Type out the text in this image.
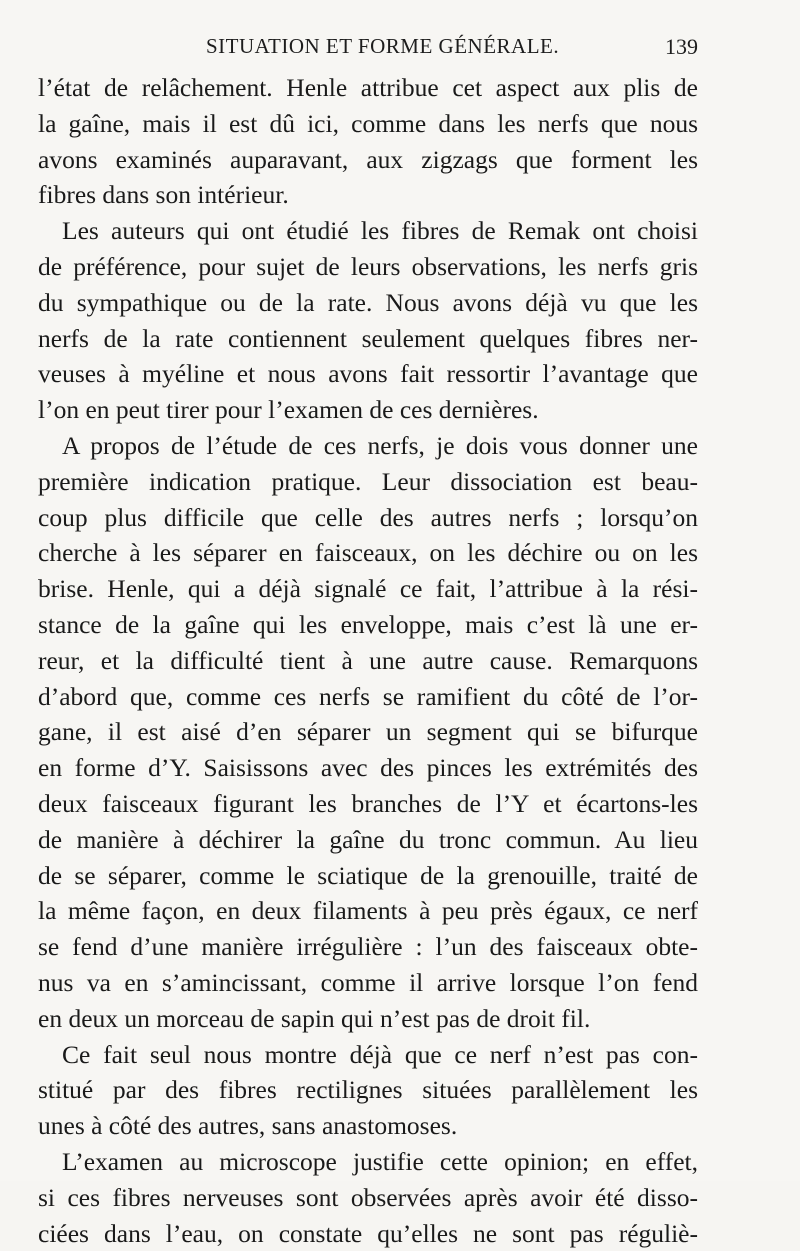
SITUATION ET FORME GÉNÉRALE.	139
l’état de relâchement. Henle attribue cet aspect aux plis de
la gaîne, mais il est dû ici, comme dans les nerfs que nous
avons examinés auparavant, aux zigzags que forment les
fibres dans son intérieur.
Les auteurs qui ont étudié les fibres de Remak ont choisi
de préférence, pour sujet de leurs observations, les nerfs gris
du sympathique ou de la rate. Nous avons déjà vu que les
nerfs de la rate contiennent seulement quelques fibres ner-
veuses à myéline et nous avons fait ressortir l’avantage que
l’on en peut tirer pour l’examen de ces dernières.
A propos de l’étude de ces nerfs, je dois vous donner une
première indication pratique. Leur dissociation est beau-
coup plus difficile que celle des autres nerfs ; lorsqu’on
cherche à les séparer en faisceaux, on les déchire ou on les
brise. Henle, qui a déjà signalé ce fait, l’attribue à la rési-
stance de la gaîne qui les enveloppe, mais c’est là une er-
reur, et la difficulté tient à une autre cause. Remarquons
d’abord que, comme ces nerfs se ramifient du côté de l’or-
gane, il est aisé d’en séparer un segment qui se bifurque
en forme d’Y. Saisissons avec des pinces les extrémités des
deux faisceaux figurant les branches de l’Y et écartons-les
de manière à déchirer la gaîne du tronc commun. Au lieu
de se séparer, comme le sciatique de la grenouille, traité de
la même façon, en deux filaments à peu près égaux, ce nerf
se fend d’une manière irrégulière : l’un des faisceaux obte-
nus va en s’amincissant, comme il arrive lorsque l’on fend
en deux un morceau de sapin qui n’est pas de droit fil.
Ce fait seul nous montre déjà que ce nerf n’est pas con-
stitué par des fibres rectilignes situées parallèlement les
unes à côté des autres, sans anastomoses.
L’examen au microscope justifie cette opinion; en effet,
si ces fibres nerveuses sont observées après avoir été disso-
ciées dans l’eau, on constate qu’elles ne sont pas réguliè-
